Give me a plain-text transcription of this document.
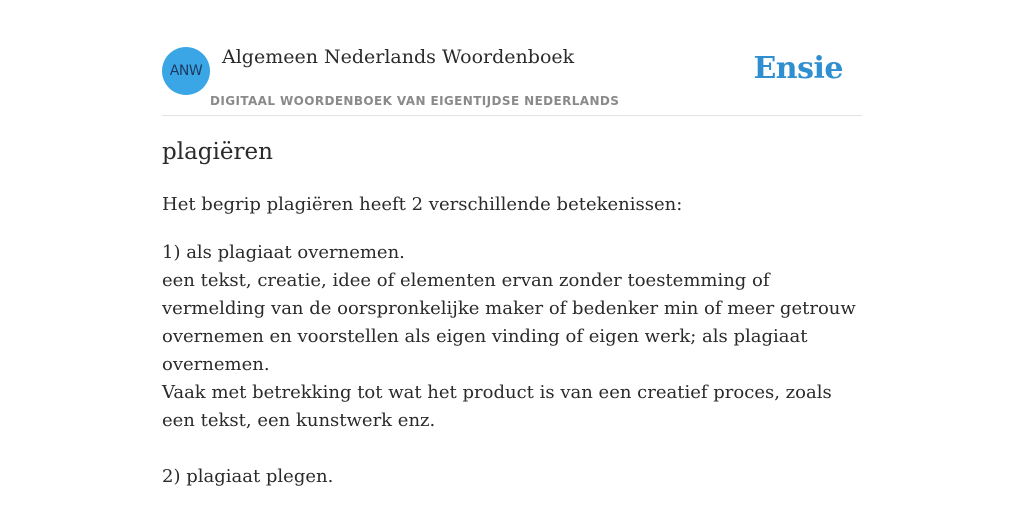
ANW
Algemeen Nederlands Woordenboek
DIGITAAL WOORDENBOEK VAN EIGENTIJDSE NEDERLANDS
Ensie
plagiëren
Het begrip plagiëren heeft 2 verschillende betekenissen:

1) als plagiaat overnemen.

een tekst, creatie, idee of elementen ervan zonder toestemming of vermelding van de oorspronkelijke maker of bedenker min of meer getrouw overnemen en voorstellen als eigen vinding of eigen werk; als plagiaat overnemen.

Vaak met betrekking tot wat het product is van een creatief proces, zoals een tekst, een kunstwerk enz.

2) plagiaat plegen.
